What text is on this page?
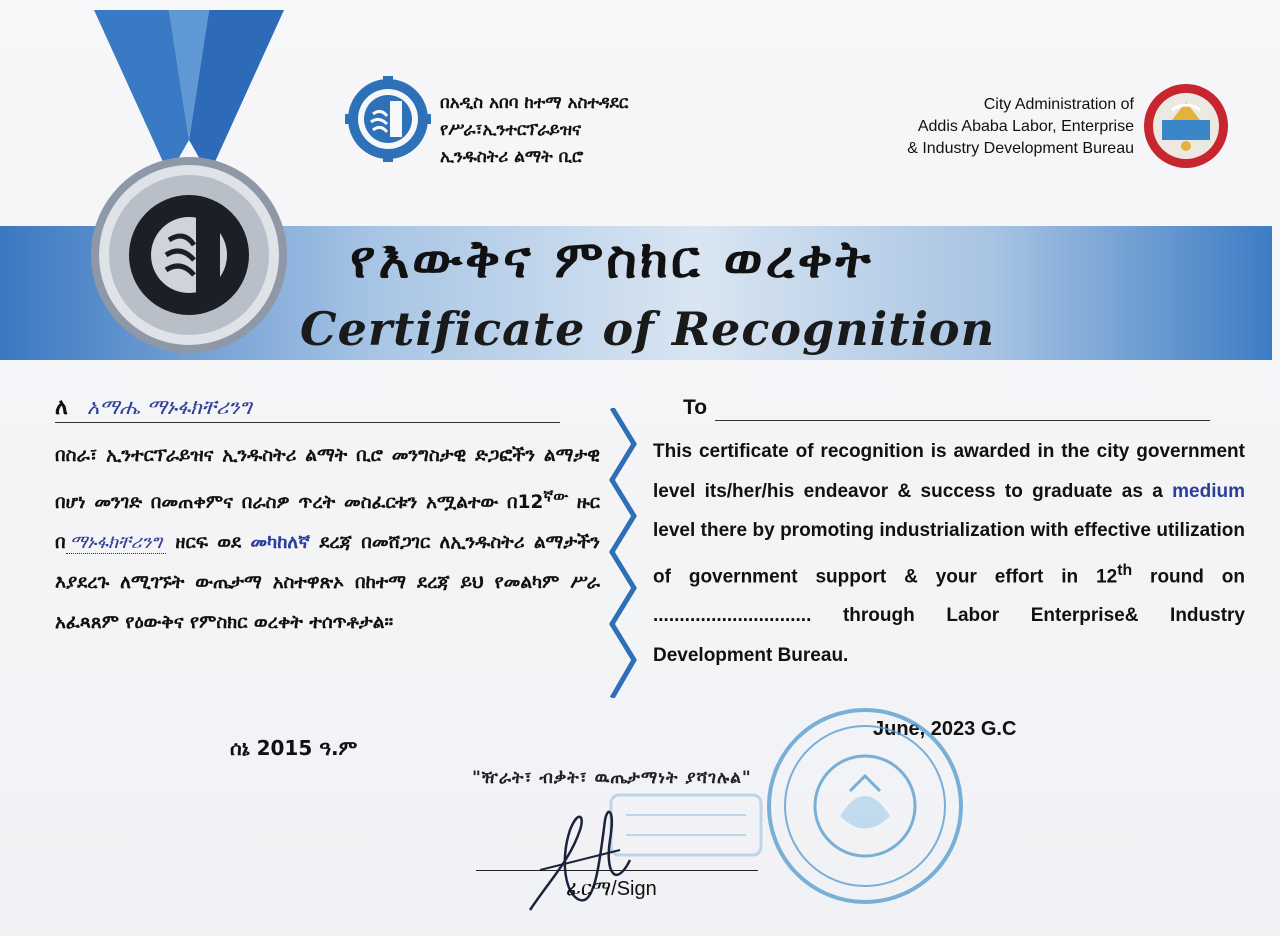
በአዲስ አበባ ከተማ አስተዳደር
የሥራ፣ኢንተርፕራይዝና
ኢንዱስትሪ ልማት ቢሮ
City Administration of
Addis Ababa Labor, Enterprise
& Industry Development Bureau
የእውቅና ምስክር ወረቀት
Certificate of Recognition
ለ አማሔ ማኑፋክቸሪንግ
በስራ፣ ኢንተርፕራይዝና ኢንዱስትሪ ልማት ቢሮ መንግስታዊ ድጋፎችን ልማታዊ በሆነ መንገድ በመጠቀምና በራስዎ ጥረት መስፈርቱን አሟልተው $በ12^{ኛው}$ ዙር በ ማኑፋክቸሪንግ ዘርፍ ወደ መካከለኛ ደረጃ በመሸጋገር ለኢንዱስትሪ ልማታችን እያደረጉ ለሚገኙት ውጤታማ አስተዋጽኦ በከተማ ደረጃ ይህ የመልካም ሥራ አፈጻጸም የዕውቅና የምስክር ወረቀት ተሰጥቶታል።
ሰኔ 2015 ዓ.ም
To
This certificate of recognition is awarded in the city government level its/her/his endeavor & success to graduate as a medium level there by promoting industrialization with effective utilization of government support & your effort in 12th round on .............................. through Labor Enterprise& Industry Development Bureau.
June, 2023 G.C
"ዥራት፣ ብቃት፣ ዉጤታማነት ያሻገሉል"
ፊርማ/Sign
